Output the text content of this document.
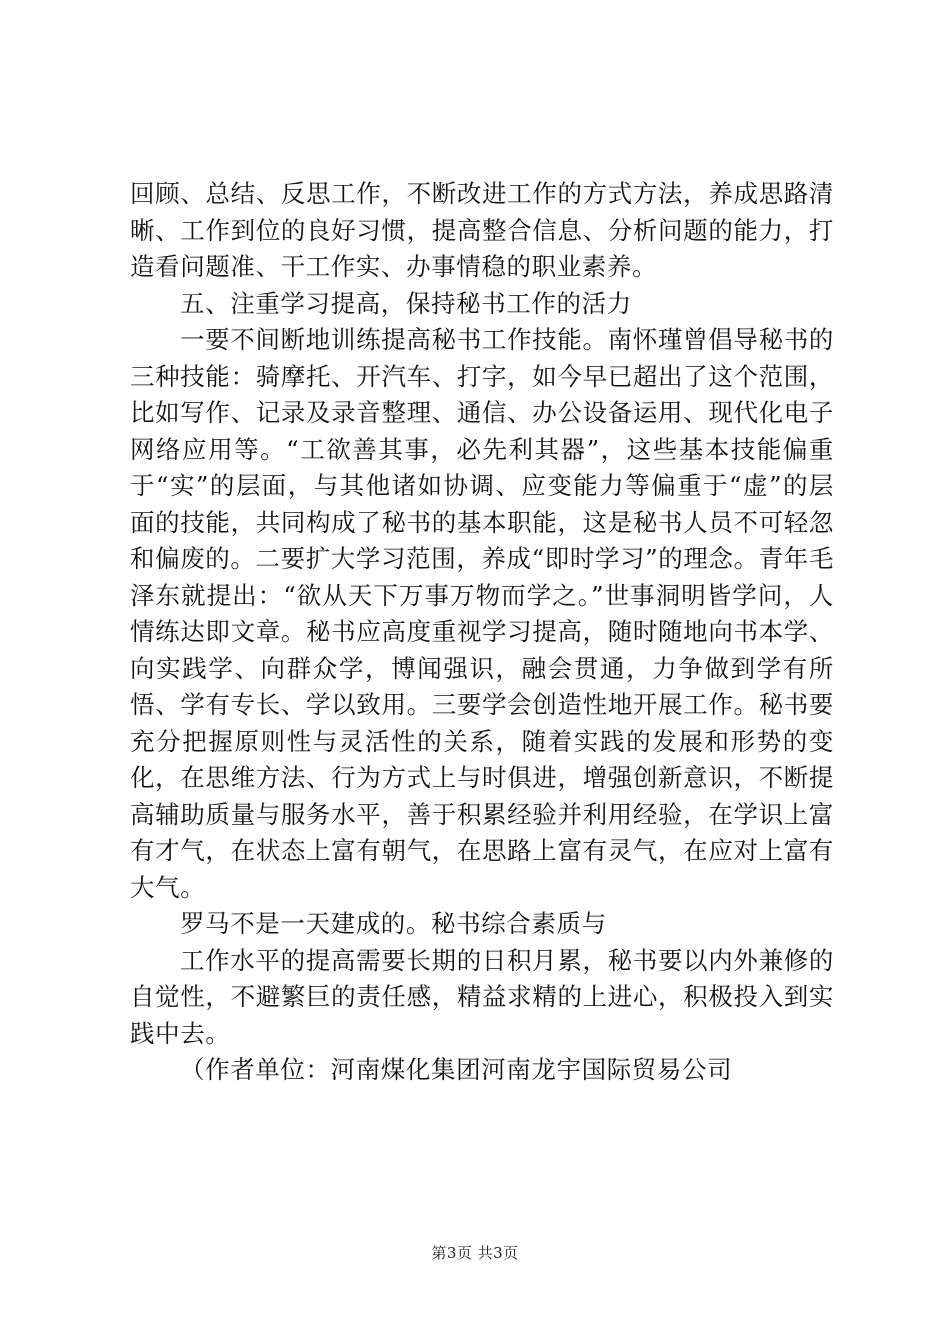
回顾、总结、反思工作，不断改进工作的方式方法，养成思路清晰、工作到位的良好习惯，提高整合信息、分析问题的能力，打造看问题准、干工作实、办事情稳的职业素养。

五、注重学习提高，保持秘书工作的活力

一要不间断地训练提高秘书工作技能。南怀瑾曾倡导秘书的三种技能：骑摩托、开汽车、打字，如今早已超出了这个范围，比如写作、记录及录音整理、通信、办公设备运用、现代化电子网络应用等。“工欲善其事，必先利其器”，这些基本技能偏重于“实”的层面，与其他诸如协调、应变能力等偏重于“虚”的层面的技能，共同构成了秘书的基本职能，这是秘书人员不可轻忽和偏废的。二要扩大学习范围，养成“即时学习”的理念。青年毛泽东就提出：“欲从天下万事万物而学之。”世事洞明皆学问，人情练达即文章。秘书应高度重视学习提高，随时随地向书本学、向实践学、向群众学，博闻强识，融会贯通，力争做到学有所悟、学有专长、学以致用。三要学会创造性地开展工作。秘书要充分把握原则性与灵活性的关系，随着实践的发展和形势的变化，在思维方法、行为方式上与时俱进，增强创新意识，不断提高辅助质量与服务水平，善于积累经验并利用经验，在学识上富有才气，在状态上富有朝气，在思路上富有灵气，在应对上富有大气。

罗马不是一天建成的。秘书综合素质与

工作水平的提高需要长期的日积月累，秘书要以内外兼修的自觉性，不避繁巨的责任感，精益求精的上进心，积极投入到实践中去。

（作者单位：河南煤化集团河南龙宇国际贸易公司

第3页 共3页
